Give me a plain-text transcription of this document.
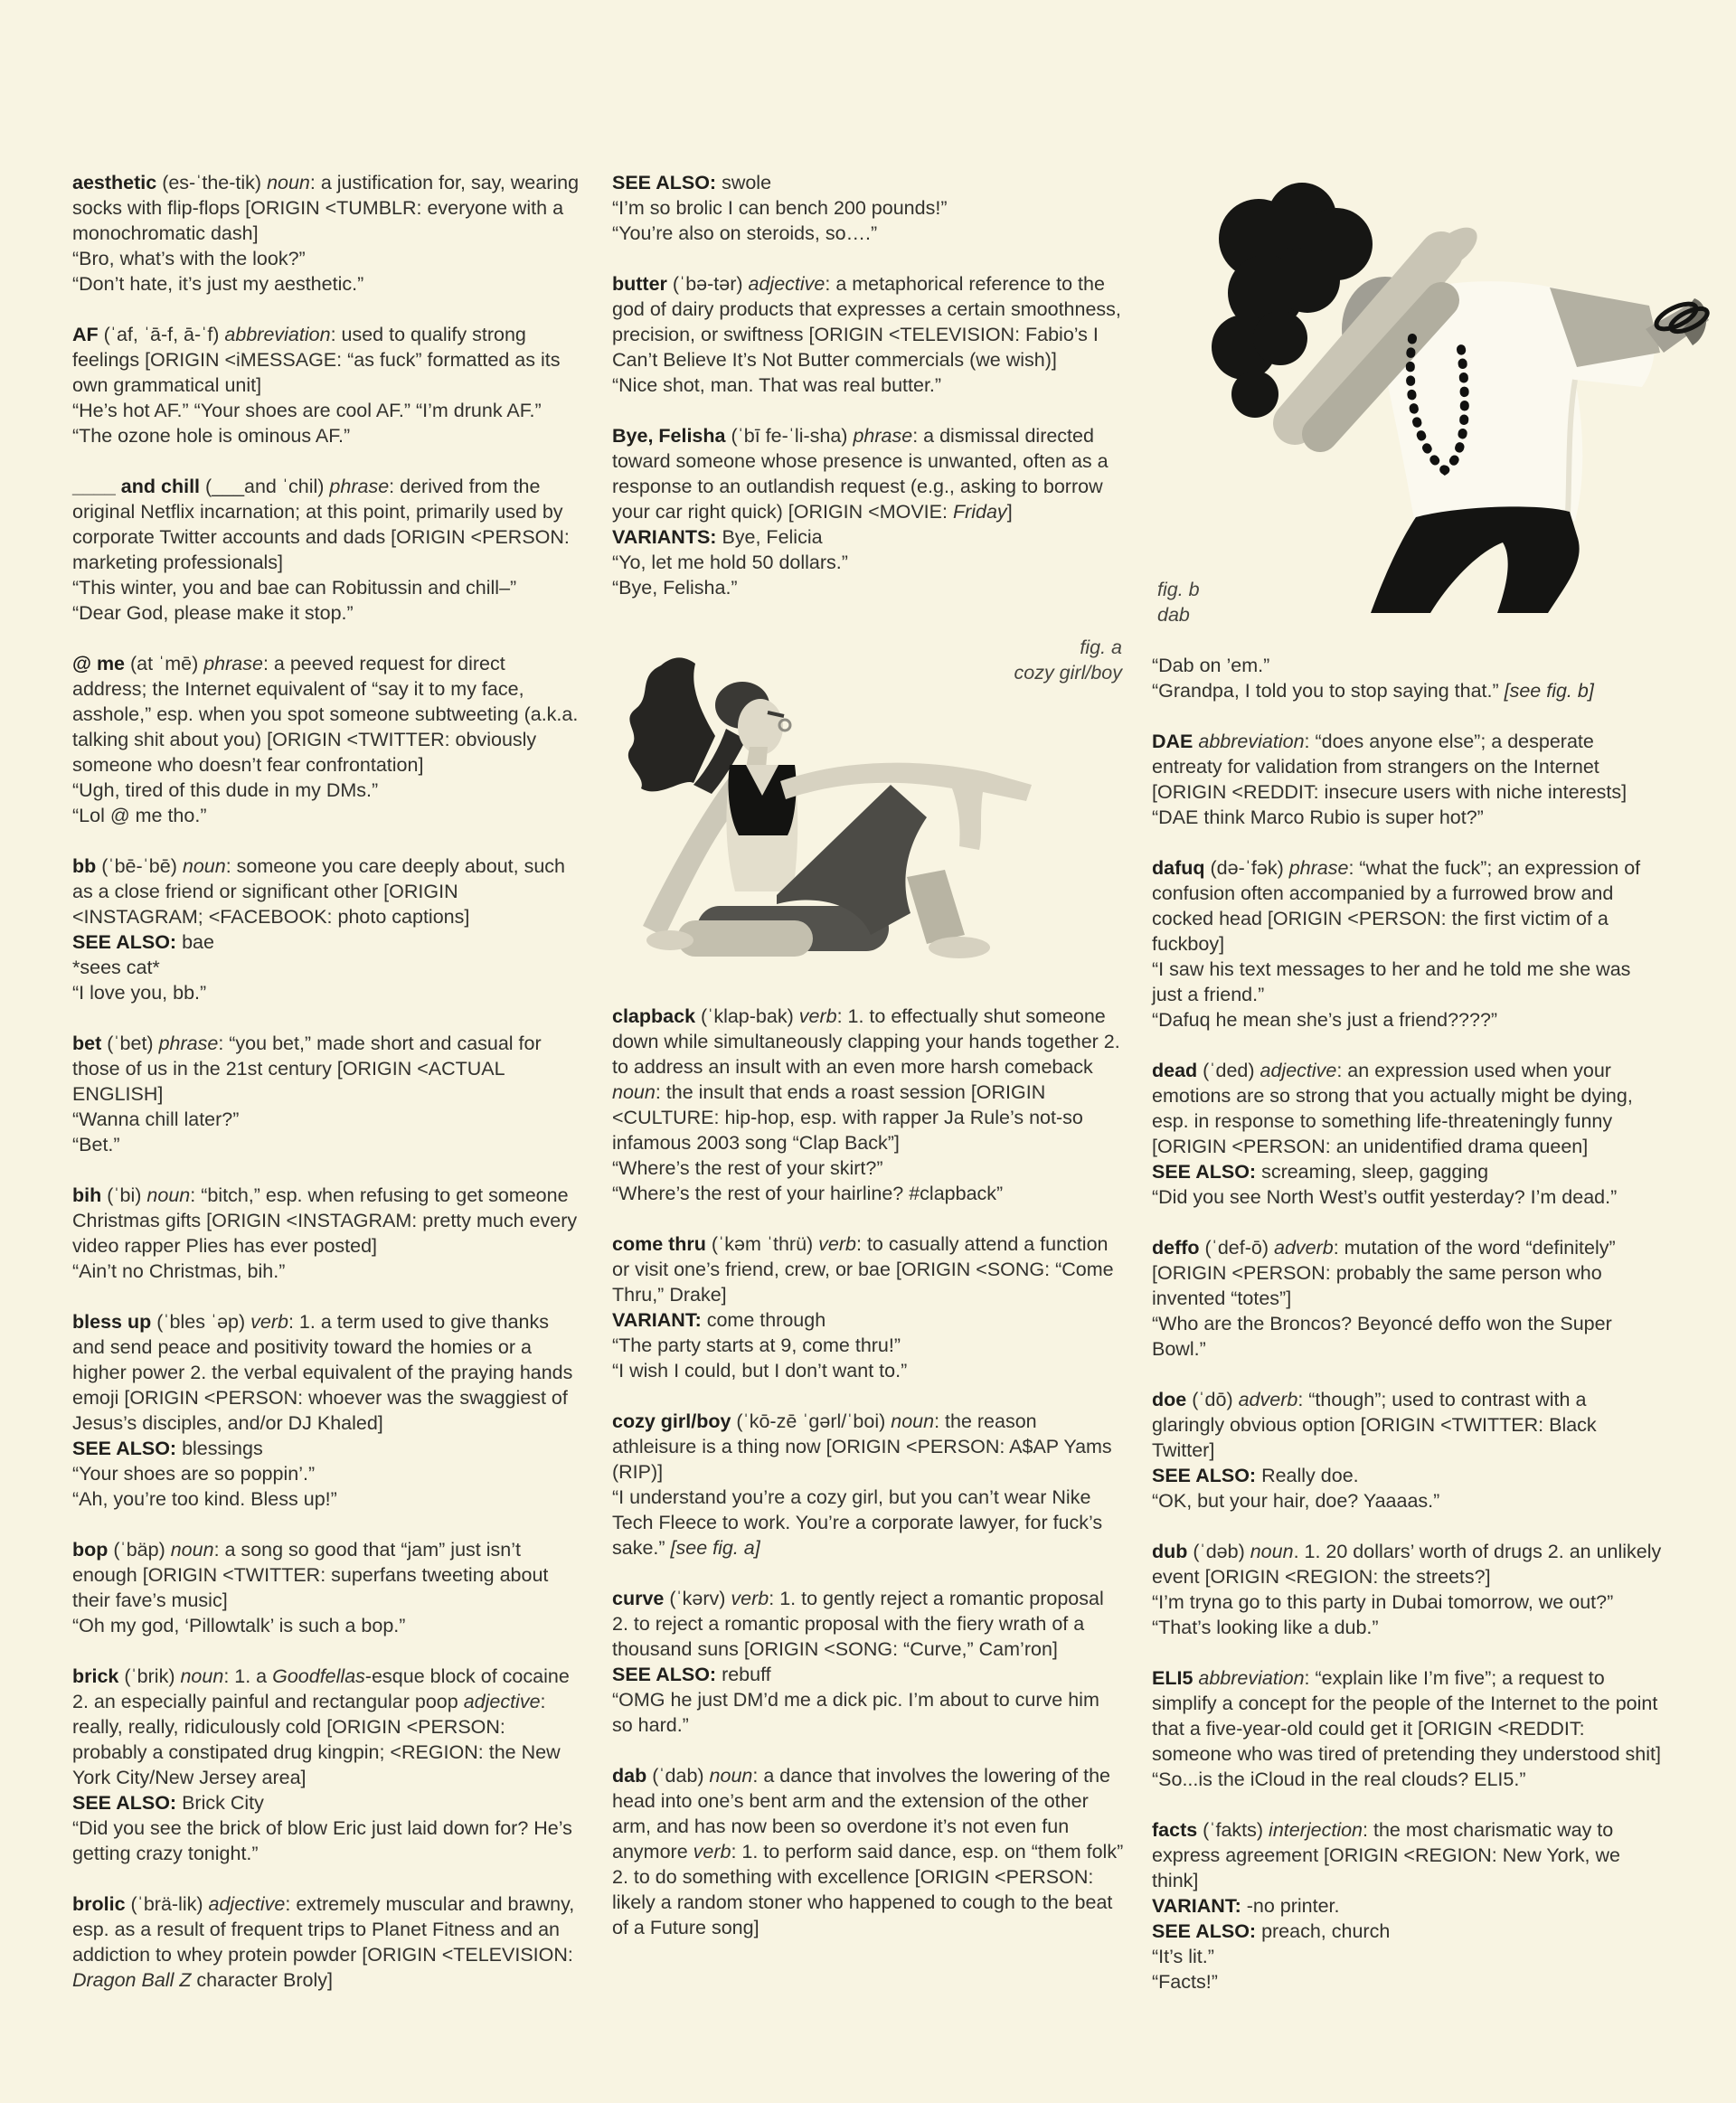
aesthetic (es-ˈthe-tik) noun: a justification for, say, wearing socks with flip-flops [ORIGIN <TUMBLR: everyone with a monochromatic dash]
“Bro, what’s with the look?”
“Don’t hate, it’s just my aesthetic.”
AF (ˈaf, ˈā-f, ā-ˈf) abbreviation: used to qualify strong feelings [ORIGIN <iMESSAGE: “as fuck” formatted as its own grammatical unit]
“He’s hot AF.” “Your shoes are cool AF.” “I’m drunk AF.”
“The ozone hole is ominous AF.”
____ and chill (___and ˈchil) phrase: derived from the original Netflix incarnation; at this point, primarily used by corporate Twitter accounts and dads [ORIGIN <PERSON: marketing professionals]
“This winter, you and bae can Robitussin and chill–”
“Dear God, please make it stop.”
@ me (at ˈmē) phrase: a peeved request for direct address; the Internet equivalent of “say it to my face, asshole,” esp. when you spot someone subtweeting (a.k.a. talking shit about you) [ORIGIN <TWITTER: obviously someone who doesn’t fear confrontation]
“Ugh, tired of this dude in my DMs.”
“Lol @ me tho.”
bb (ˈbē-ˈbē) noun: someone you care deeply about, such as a close friend or significant other [ORIGIN <INSTAGRAM; <FACEBOOK: photo captions]
SEE ALSO: bae
*sees cat*
“I love you, bb.”
bet (ˈbet) phrase: “you bet,” made short and casual for those of us in the 21st century [ORIGIN <ACTUAL ENGLISH]
“Wanna chill later?”
“Bet.”
bih (ˈbi) noun: “bitch,” esp. when refusing to get someone Christmas gifts [ORIGIN <INSTAGRAM: pretty much every video rapper Plies has ever posted]
“Ain’t no Christmas, bih.”
bless up (ˈbles ˈəp) verb: 1. a term used to give thanks and send peace and positivity toward the homies or a higher power 2. the verbal equivalent of the praying hands emoji [ORIGIN <PERSON: whoever was the swaggiest of Jesus’s disciples, and/or DJ Khaled]
SEE ALSO: blessings
“Your shoes are so poppin’.”
“Ah, you’re too kind. Bless up!”
bop (ˈbäp) noun: a song so good that “jam” just isn’t enough [ORIGIN <TWITTER: superfans tweeting about their fave’s music]
“Oh my god, ‘Pillowtalk’ is such a bop.”
brick (ˈbrik) noun: 1. a Goodfellas-esque block of cocaine 2. an especially painful and rectangular poop adjective: really, really, ridiculously cold [ORIGIN <PERSON: probably a constipated drug kingpin; <REGION: the New York City/New Jersey area]
SEE ALSO: Brick City
“Did you see the brick of blow Eric just laid down for? He’s getting crazy tonight.”
brolic (ˈbrä-lik) adjective: extremely muscular and brawny, esp. as a result of frequent trips to Planet Fitness and an addiction to whey protein powder [ORIGIN <TELEVISION: Dragon Ball Z character Broly]
SEE ALSO: swole
“I’m so brolic I can bench 200 pounds!”
“You’re also on steroids, so….”
butter (ˈbə-tər) adjective: a metaphorical reference to the god of dairy products that expresses a certain smoothness, precision, or swiftness [ORIGIN <TELEVISION: Fabio’s I Can’t Believe It’s Not Butter commercials (we wish)]
“Nice shot, man. That was real butter.”
Bye, Felisha (ˈbī fe-ˈli-sha) phrase: a dismissal directed toward someone whose presence is unwanted, often as a response to an outlandish request (e.g., asking to borrow your car right quick) [ORIGIN <MOVIE: Friday]
VARIANTS: Bye, Felicia
“Yo, let me hold 50 dollars.”
“Bye, Felisha.”
fig. a
cozy girl/boy
clapback (ˈklap-bak) verb: 1. to effectually shut someone down while simultaneously clapping your hands together 2. to address an insult with an even more harsh comeback noun: the insult that ends a roast session [ORIGIN <CULTURE: hip-hop, esp. with rapper Ja Rule’s not-so infamous 2003 song “Clap Back”]
“Where’s the rest of your skirt?”
“Where’s the rest of your hairline? #clapback”
come thru (ˈkəm ˈthrü) verb: to casually attend a function or visit one’s friend, crew, or bae [ORIGIN <SONG: “Come Thru,” Drake]
VARIANT: come through
“The party starts at 9, come thru!”
“I wish I could, but I don’t want to.”
cozy girl/boy (ˈkō-zē ˈgərl/ˈboi) noun: the reason athleisure is a thing now [ORIGIN <PERSON: A$AP Yams (RIP)]
“I understand you’re a cozy girl, but you can’t wear Nike Tech Fleece to work. You’re a corporate lawyer, for fuck’s sake.” [see fig. a]
curve (ˈkərv) verb: 1. to gently reject a romantic proposal 2. to reject a romantic proposal with the fiery wrath of a thousand suns [ORIGIN <SONG: “Curve,” Cam’ron]
SEE ALSO: rebuff
“OMG he just DM’d me a dick pic. I’m about to curve him so hard.”
dab (ˈdab) noun: a dance that involves the lowering of the head into one’s bent arm and the extension of the other arm, and has now been so overdone it’s not even fun anymore verb: 1. to perform said dance, esp. on “them folk” 2. to do something with excellence [ORIGIN <PERSON: likely a random stoner who happened to cough to the beat of a Future song]
fig. b
dab
“Dab on ’em.”
“Grandpa, I told you to stop saying that.” [see fig. b]
DAE abbreviation: “does anyone else”; a desperate entreaty for validation from strangers on the Internet [ORIGIN <REDDIT: insecure users with niche interests]
“DAE think Marco Rubio is super hot?”
dafuq (də-ˈfək) phrase: “what the fuck”; an expression of confusion often accompanied by a furrowed brow and cocked head [ORIGIN <PERSON: the first victim of a fuckboy]
“I saw his text messages to her and he told me she was just a friend.”
“Dafuq he mean she’s just a friend????”
dead (ˈded) adjective: an expression used when your emotions are so strong that you actually might be dying, esp. in response to something life-threateningly funny [ORIGIN <PERSON: an unidentified drama queen]
SEE ALSO: screaming, sleep, gagging
“Did you see North West’s outfit yesterday? I’m dead.”
deffo (ˈdef-ō) adverb: mutation of the word “definitely” [ORIGIN <PERSON: probably the same person who invented “totes”]
“Who are the Broncos? Beyoncé deffo won the Super Bowl.”
doe (ˈdō) adverb: “though”; used to contrast with a glaringly obvious option [ORIGIN <TWITTER: Black Twitter]
SEE ALSO: Really doe.
“OK, but your hair, doe? Yaaaas.”
dub (ˈdəb) noun. 1. 20 dollars’ worth of drugs 2. an unlikely event [ORIGIN <REGION: the streets?]
“I’m tryna go to this party in Dubai tomorrow, we out?”
“That’s looking like a dub.”
ELI5 abbreviation: “explain like I’m five”; a request to simplify a concept for the people of the Internet to the point that a five-year-old could get it [ORIGIN <REDDIT: someone who was tired of pretending they understood shit]
“So...is the iCloud in the real clouds? ELI5.”
facts (ˈfakts) interjection: the most charismatic way to express agreement [ORIGIN <REGION: New York, we think]
VARIANT: -no printer.
SEE ALSO: preach, church
“It’s lit.”
“Facts!”
